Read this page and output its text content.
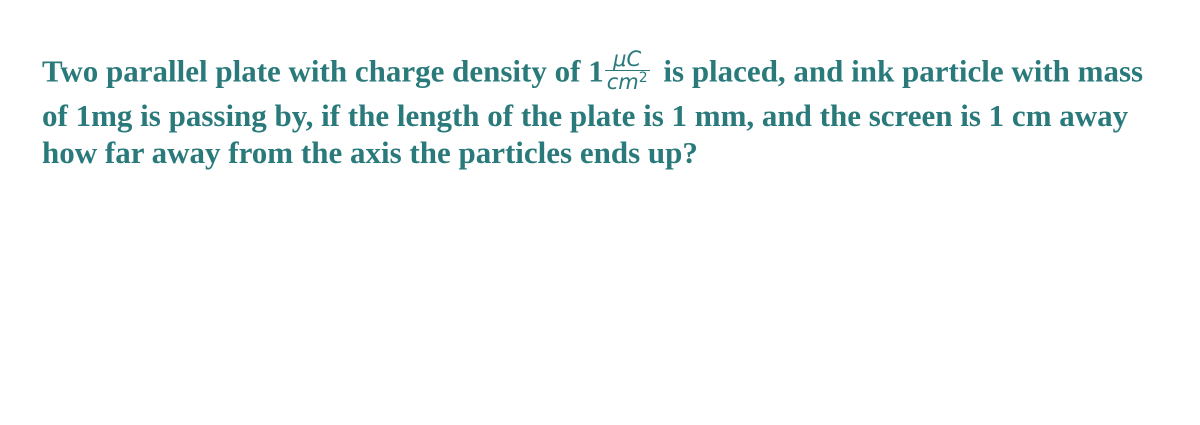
Two parallel plate with charge density of $1 \frac{\mu C}{cm^2}$ is placed, and ink particle with mass of 1mg is passing by, if the length of the plate is 1 mm, and the screen is 1 cm away how far away from the axis the particles ends up?
